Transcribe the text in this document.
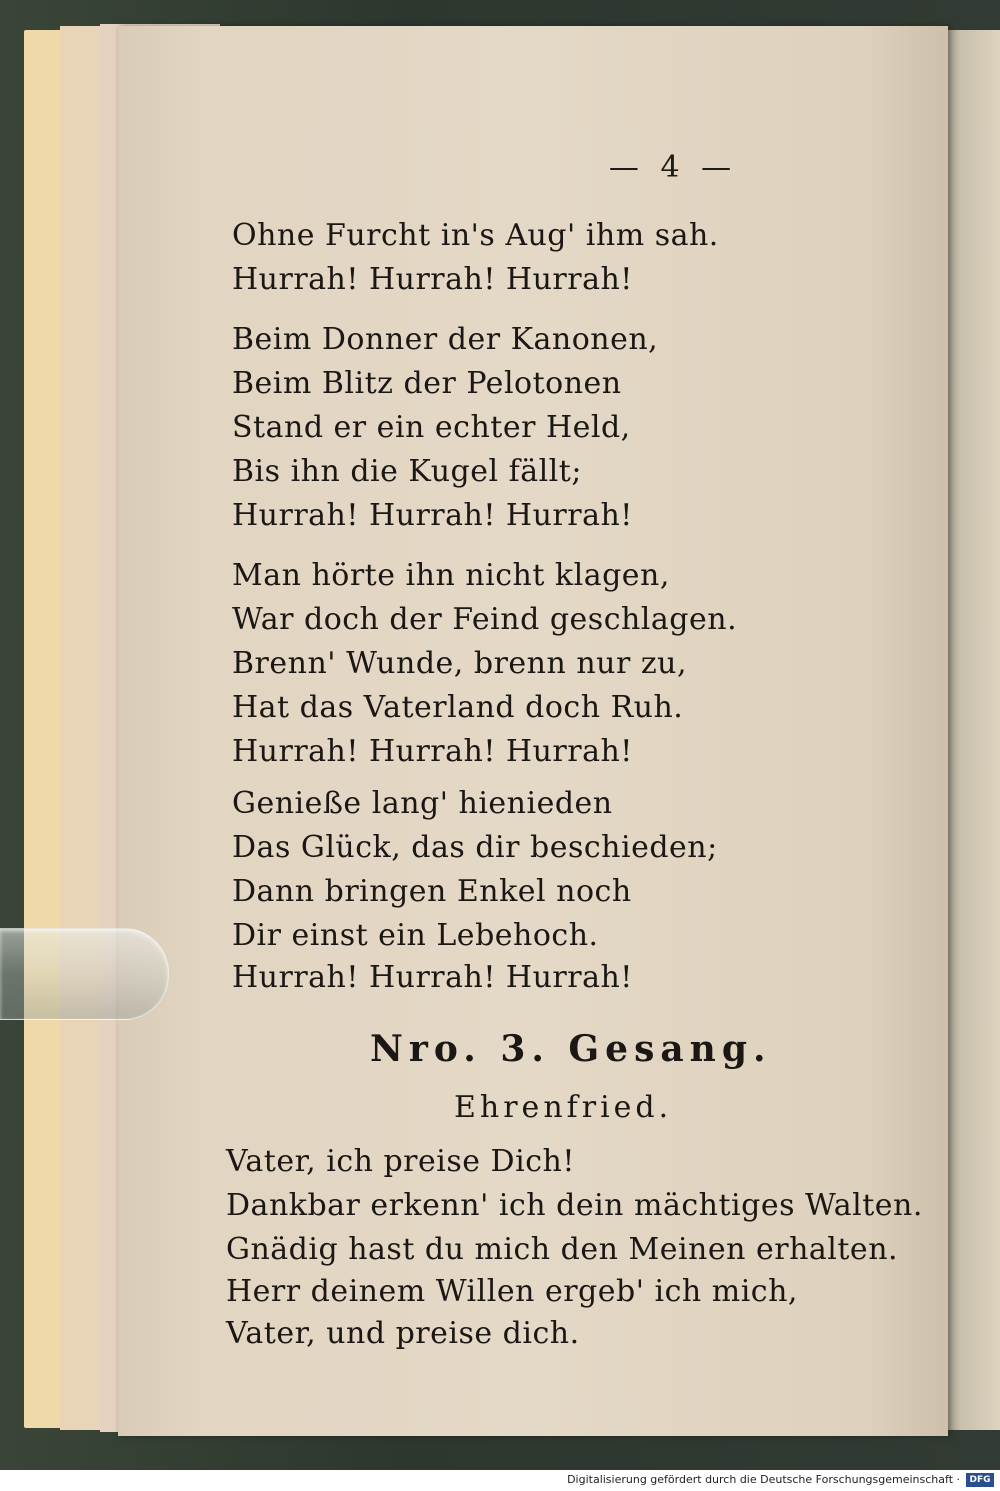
— 4 —
Ohne Furcht in's Aug' ihm sah.
Hurrah! Hurrah! Hurrah!
Beim Donner der Kanonen,
Beim Blitz der Pelotonen
Stand er ein echter Held,
Bis ihn die Kugel fällt;
Hurrah! Hurrah! Hurrah!
Man hörte ihn nicht klagen,
War doch der Feind geschlagen.
Brenn' Wunde, brenn nur zu,
Hat das Vaterland doch Ruh.
Hurrah! Hurrah! Hurrah!
Genieße lang' hienieden
Das Glück, das dir beschieden;
Dann bringen Enkel noch
Dir einst ein Lebehoch.
Hurrah! Hurrah! Hurrah!
Nro. 3. Gesang.
Ehrenfried.
Vater, ich preise Dich!
Dankbar erkenn' ich dein mächtiges Walten.
Gnädig hast du mich den Meinen erhalten.
Herr deinem Willen ergeb' ich mich,
Vater, und preise dich.
Digitalisierung gefördert durch die Deutsche Forschungsgemeinschaft ·	DFG
